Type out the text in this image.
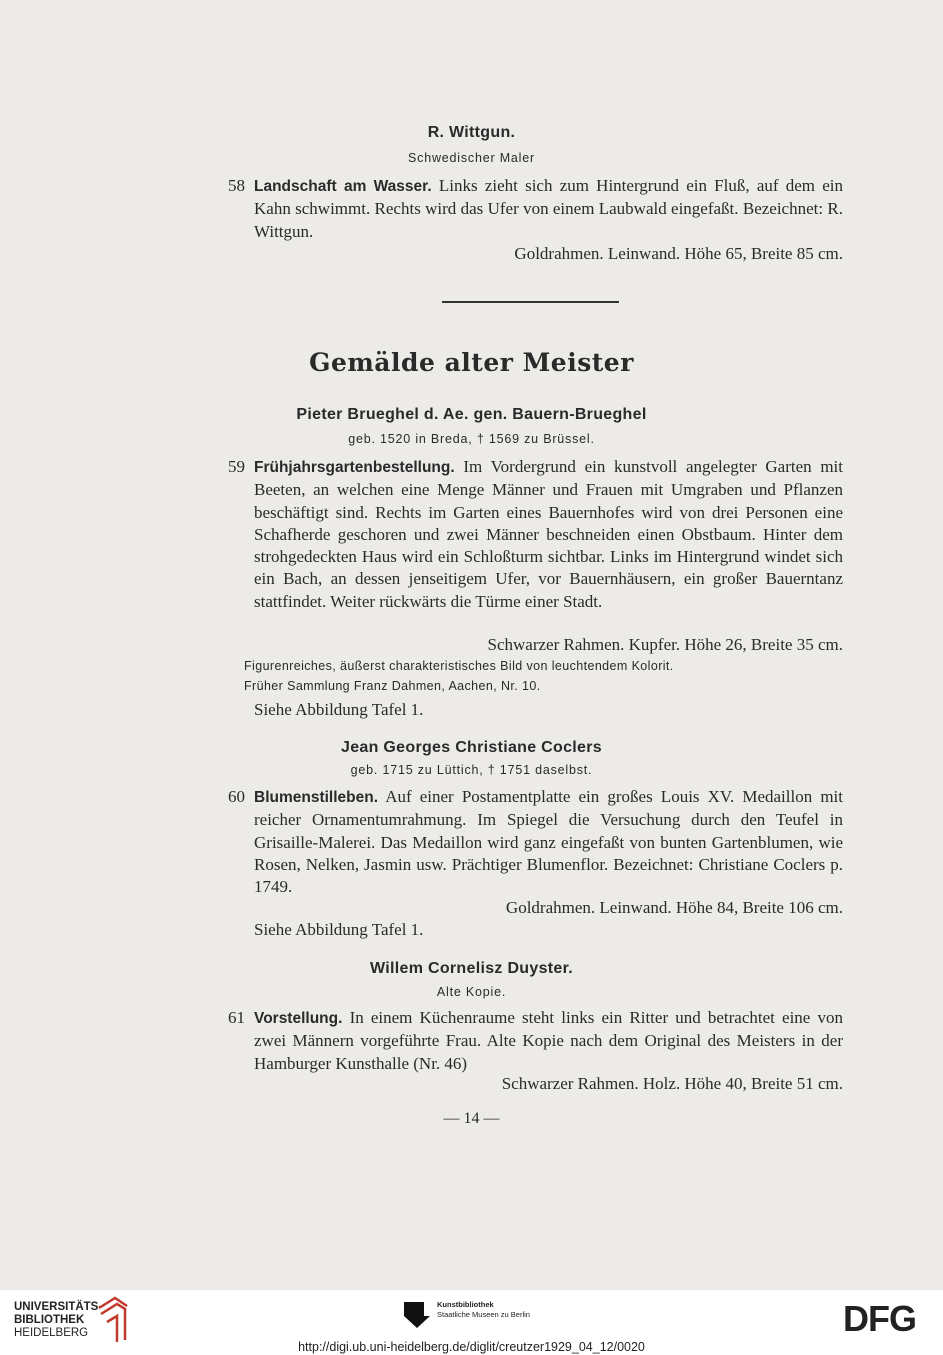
R. Wittgun.
Schwedischer Maler
58 Landschaft am Wasser. Links zieht sich zum Hintergrund ein Fluß, auf dem ein Kahn schwimmt. Rechts wird das Ufer von einem Laubwald eingefaßt. Bezeichnet: R. Wittgun.
Goldrahmen. Leinwand. Höhe 65, Breite 85 cm.
Gemälde alter Meister
Pieter Brueghel d. Ae. gen. Bauern-Brueghel
geb. 1520 in Breda, † 1569 zu Brüssel.
59 Frühjahrsgartenbestellung. Im Vordergrund ein kunstvoll angelegter Garten mit Beeten, an welchen eine Menge Männer und Frauen mit Umgraben und Pflanzen beschäftigt sind. Rechts im Garten eines Bauernhofes wird von drei Personen eine Schafherde geschoren und zwei Männer beschneiden einen Obstbaum. Hinter dem strohgedeckten Haus wird ein Schloßturm sichtbar. Links im Hintergrund windet sich ein Bach, an dessen jenseitigem Ufer, vor Bauernhäusern, ein großer Bauerntanz stattfindet. Weiter rückwärts die Türme einer Stadt.
Schwarzer Rahmen. Kupfer. Höhe 26, Breite 35 cm.
Figurenreiches, äußerst charakteristisches Bild von leuchtendem Kolorit.
Früher Sammlung Franz Dahmen, Aachen, Nr. 10.
Siehe Abbildung Tafel 1.
Jean Georges Christiane Coclers
geb. 1715 zu Lüttich, † 1751 daselbst.
60 Blumenstilleben. Auf einer Postamentplatte ein großes Louis XV. Medaillon mit reicher Ornamentumrahmung. Im Spiegel die Versuchung durch den Teufel in Grisaille-Malerei. Das Medaillon wird ganz eingefaßt von bunten Gartenblumen, wie Rosen, Nelken, Jasmin usw. Prächtiger Blumenflor. Bezeichnet: Christiane Coclers p. 1749.
Goldrahmen. Leinwand. Höhe 84, Breite 106 cm.
Siehe Abbildung Tafel 1.
Willem Cornelisz Duyster.
Alte Kopie.
61 Vorstellung. In einem Küchenraume steht links ein Ritter und betrachtet eine von zwei Männern vorgeführte Frau. Alte Kopie nach dem Original des Meisters in der Hamburger Kunsthalle (Nr. 46)
Schwarzer Rahmen. Holz. Höhe 40, Breite 51 cm.
— 14 —
UNIVERSITÄTS-
BIBLIOTHEK
HEIDELBERG
Kunstbibliothek
Staatliche Museen zu Berlin	DFG
http://digi.ub.uni-heidelberg.de/diglit/creutzer1929_04_12/0020
